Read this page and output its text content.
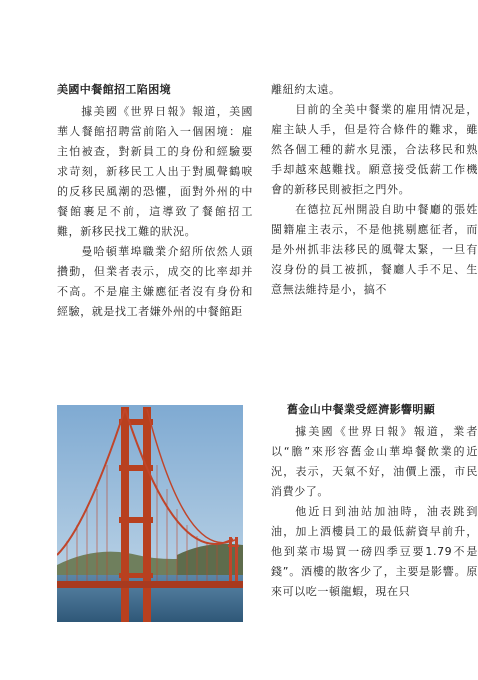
美國中餐館招工陷困境

據美國《世界日報》報道，美國華人餐館招聘當前陷入一個困境：雇主怕被查，對新員工的身份和經驗要求苛刻，新移民工人出于對風聲鶴唳的反移民風潮的恐懼，面對外州的中餐館裹足不前，這導致了餐館招工難，新移民找工難的狀況。

曼哈頓華埠職業介紹所依然人頭攢動，但業者表示，成交的比率却并不高。不是雇主嫌應征者沒有身份和經驗，就是找工者嫌外州的中餐館距

離紐約太遠。

目前的全美中餐業的雇用情况是，雇主缺人手，但是符合條件的難求，雖然各個工種的薪水見漲，合法移民和熟手却越來越難找。願意接受低薪工作機會的新移民則被拒之門外。

在德拉瓦州開設自助中餐廳的張姓閩籍雇主表示，不是他挑剔應征者，而是外州抓非法移民的風聲太緊，一旦有沒身份的員工被抓，餐廳人手不足、生意無法維持是小，搞不

舊金山中餐業受經濟影響明顯

據美國《世界日報》報道，業者以“膽”來形容舊金山華埠餐飲業的近況，表示，天氣不好，油價上漲，市民消費少了。

他近日到油站加油時，油表跳到油，加上酒樓員工的最低薪資早前升，他到菜市場買一磅四季豆要1.79不是錢”。酒樓的散客少了，主要是影響。原來可以吃一頓龍蝦，現在只
